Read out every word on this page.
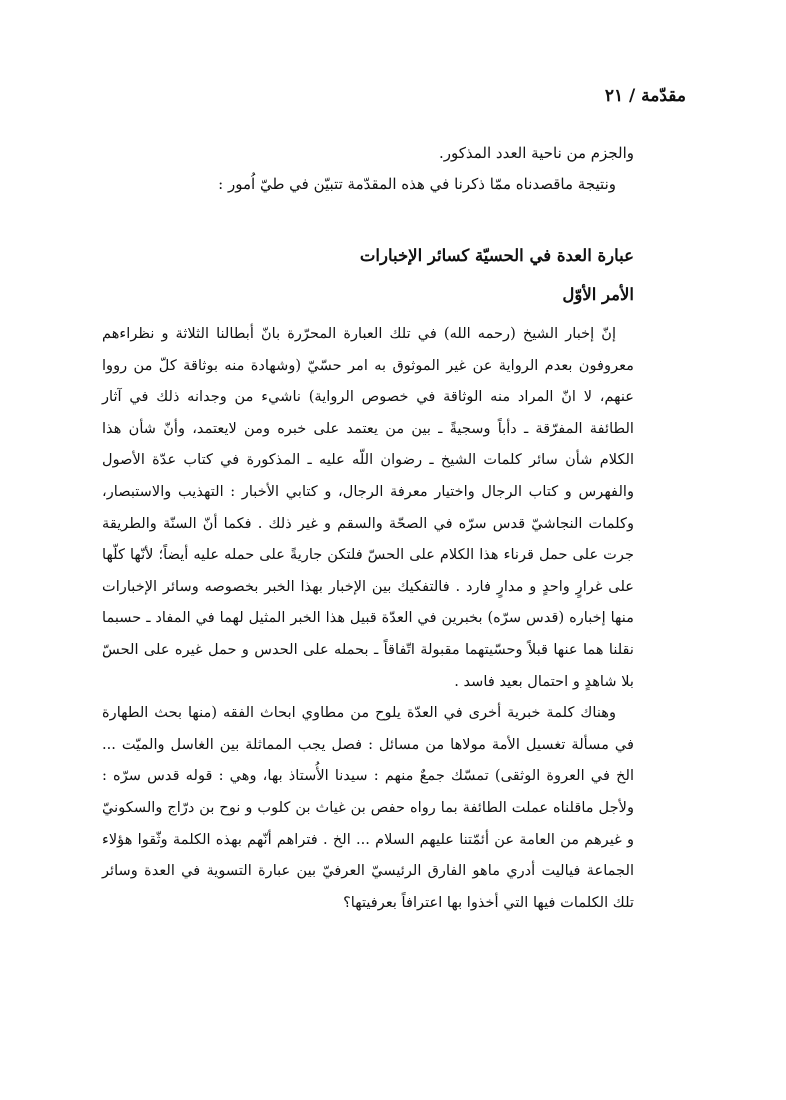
مقدّمة / ٢١

والجزم من ناحية العدد المذكور.

ونتيجة ماقصدناه ممّا ذكرنا في هذه المقدّمة تتبيّن في طيّ اُمور :

عبارة العدة في الحسيّة كسائر الإخبارات
الأمر الأوّل

إنّ إخبار الشيخ (رحمه الله) في تلك العبارة المحرّرة بانّ أبطالنا الثلاثة و نظراءهم معروفون بعدم الرواية عن غير الموثوق به امر حسّيّ (وشهادة منه بوثاقة كلّ من رووا عنهم، لا انّ المراد منه الوثاقة في خصوص الرواية) ناشيء من وجدانه ذلك في آثار الطائفة المفرّقة ـ دأباً وسجيةً ـ بين من يعتمد على خبره ومن لايعتمد، وأنّ شأن هذا الكلام شأن سائر كلمات الشيخ ـ رضوان اللّه عليه ـ المذكورة في كتاب عدّة الأصول والفهرس و كتاب الرجال واختيار معرفة الرجال، و كتابي الأخبار : التهذيب والاستبصار، وكلمات النجاشيّ قدس سرّه في الصحّة والسقم و غير ذلك . فكما أنّ السنّة والطريقة جرت على حمل قرناء هذا الكلام على الحسّ فلتكن جاريةً على حمله عليه أيضاً؛ لأنّها كلّها على غرارٍ واحدٍ و مدارٍ فارد . فالتفكيك بين الإخبار بهذا الخبر بخصوصه وسائر الإخبارات منها إخباره (قدس سرّه) بخبرين في العدّة قبيل هذا الخبر المثيل لهما في المفاد ـ حسبما نقلنا هما عنها قبلاً وحسّيتهما مقبولة اتّفاقاً ـ بحمله على الحدس و حمل غيره على الحسّ بلا شاهدٍ و احتمال بعيد فاسد .

وهناك كلمة خبرية أخرى في العدّة يلوح من مطاوي ابحاث الفقه (منها بحث الطهارة في مسألة تغسيل الأمة مولاها من مسائل : فصل يجب المماثلة بين الغاسل والميّت ... الخ في العروة الوثقى) تمسّك جمعٌ منهم : سيدنا الأُستاذ بها، وهي : قوله قدس سرّه : ولأجل ماقلناه عملت الطائفة بما رواه حفص بن غياث بن كلوب و نوح بن درّاج والسكونيّ و غيرهم من العامة عن أئمّتنا عليهم السلام ... الخ . فتراهم أنّهم بهذه الكلمة وثّقوا هؤلاء الجماعة فياليت أدري ماهو الفارق الرئيسيّ العرفيّ بين عبارة التسوية في العدة وسائر تلك الكلمات فيها التي أخذوا بها اعترافاً بعرفيتها؟
